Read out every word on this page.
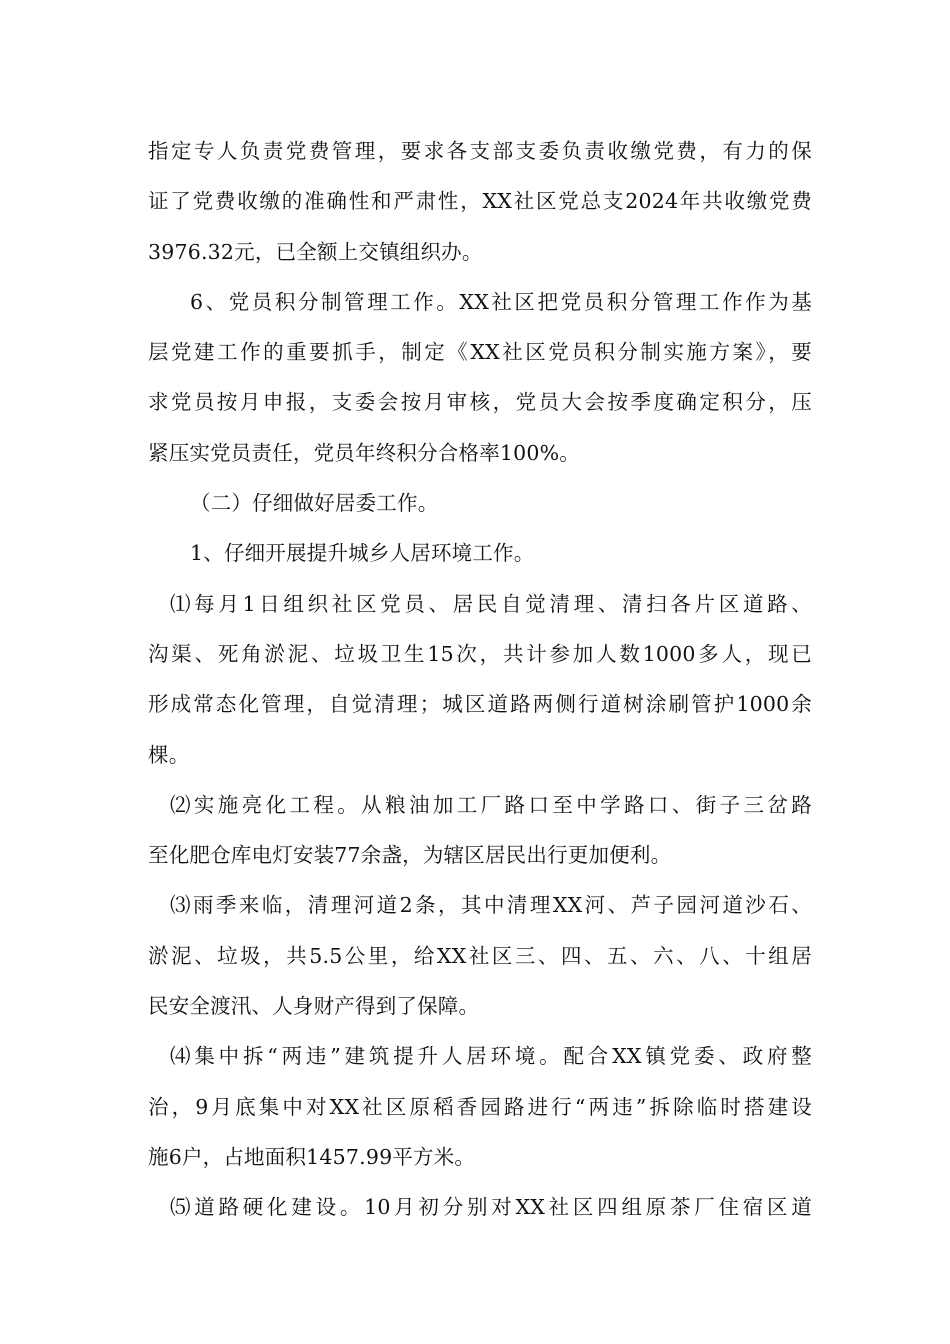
指定专人负责党费管理，要求各支部支委负责收缴党费，有力的保
证了党费收缴的准确性和严肃性，XX社区党总支2024年共收缴党费
3976.32元，已全额上交镇组织办。
6、党员积分制管理工作。XX社区把党员积分管理工作作为基
层党建工作的重要抓手，制定《XX社区党员积分制实施方案》，要
求党员按月申报，支委会按月审核，党员大会按季度确定积分，压
紧压实党员责任，党员年终积分合格率100%。
（二）仔细做好居委工作。
1、仔细开展提升城乡人居环境工作。
⑴每月1日组织社区党员、居民自觉清理、清扫各片区道路、
沟渠、死角淤泥、垃圾卫生15次，共计参加人数1000多人，现已
形成常态化管理，自觉清理；城区道路两侧行道树涂刷管护1000余
棵。
⑵实施亮化工程。从粮油加工厂路口至中学路口、街子三岔路
至化肥仓库电灯安装77余盏，为辖区居民出行更加便利。
⑶雨季来临，清理河道2条，其中清理XX河、芦子园河道沙石、
淤泥、垃圾，共5.5公里，给XX社区三、四、五、六、八、十组居
民安全渡汛、人身财产得到了保障。
⑷集中拆“两违”建筑提升人居环境。配合XX镇党委、政府整
治，9月底集中对XX社区原稻香园路进行“两违”拆除临时搭建设
施6户，占地面积1457.99平方米。
⑸道路硬化建设。10月初分别对XX社区四组原茶厂住宿区道
